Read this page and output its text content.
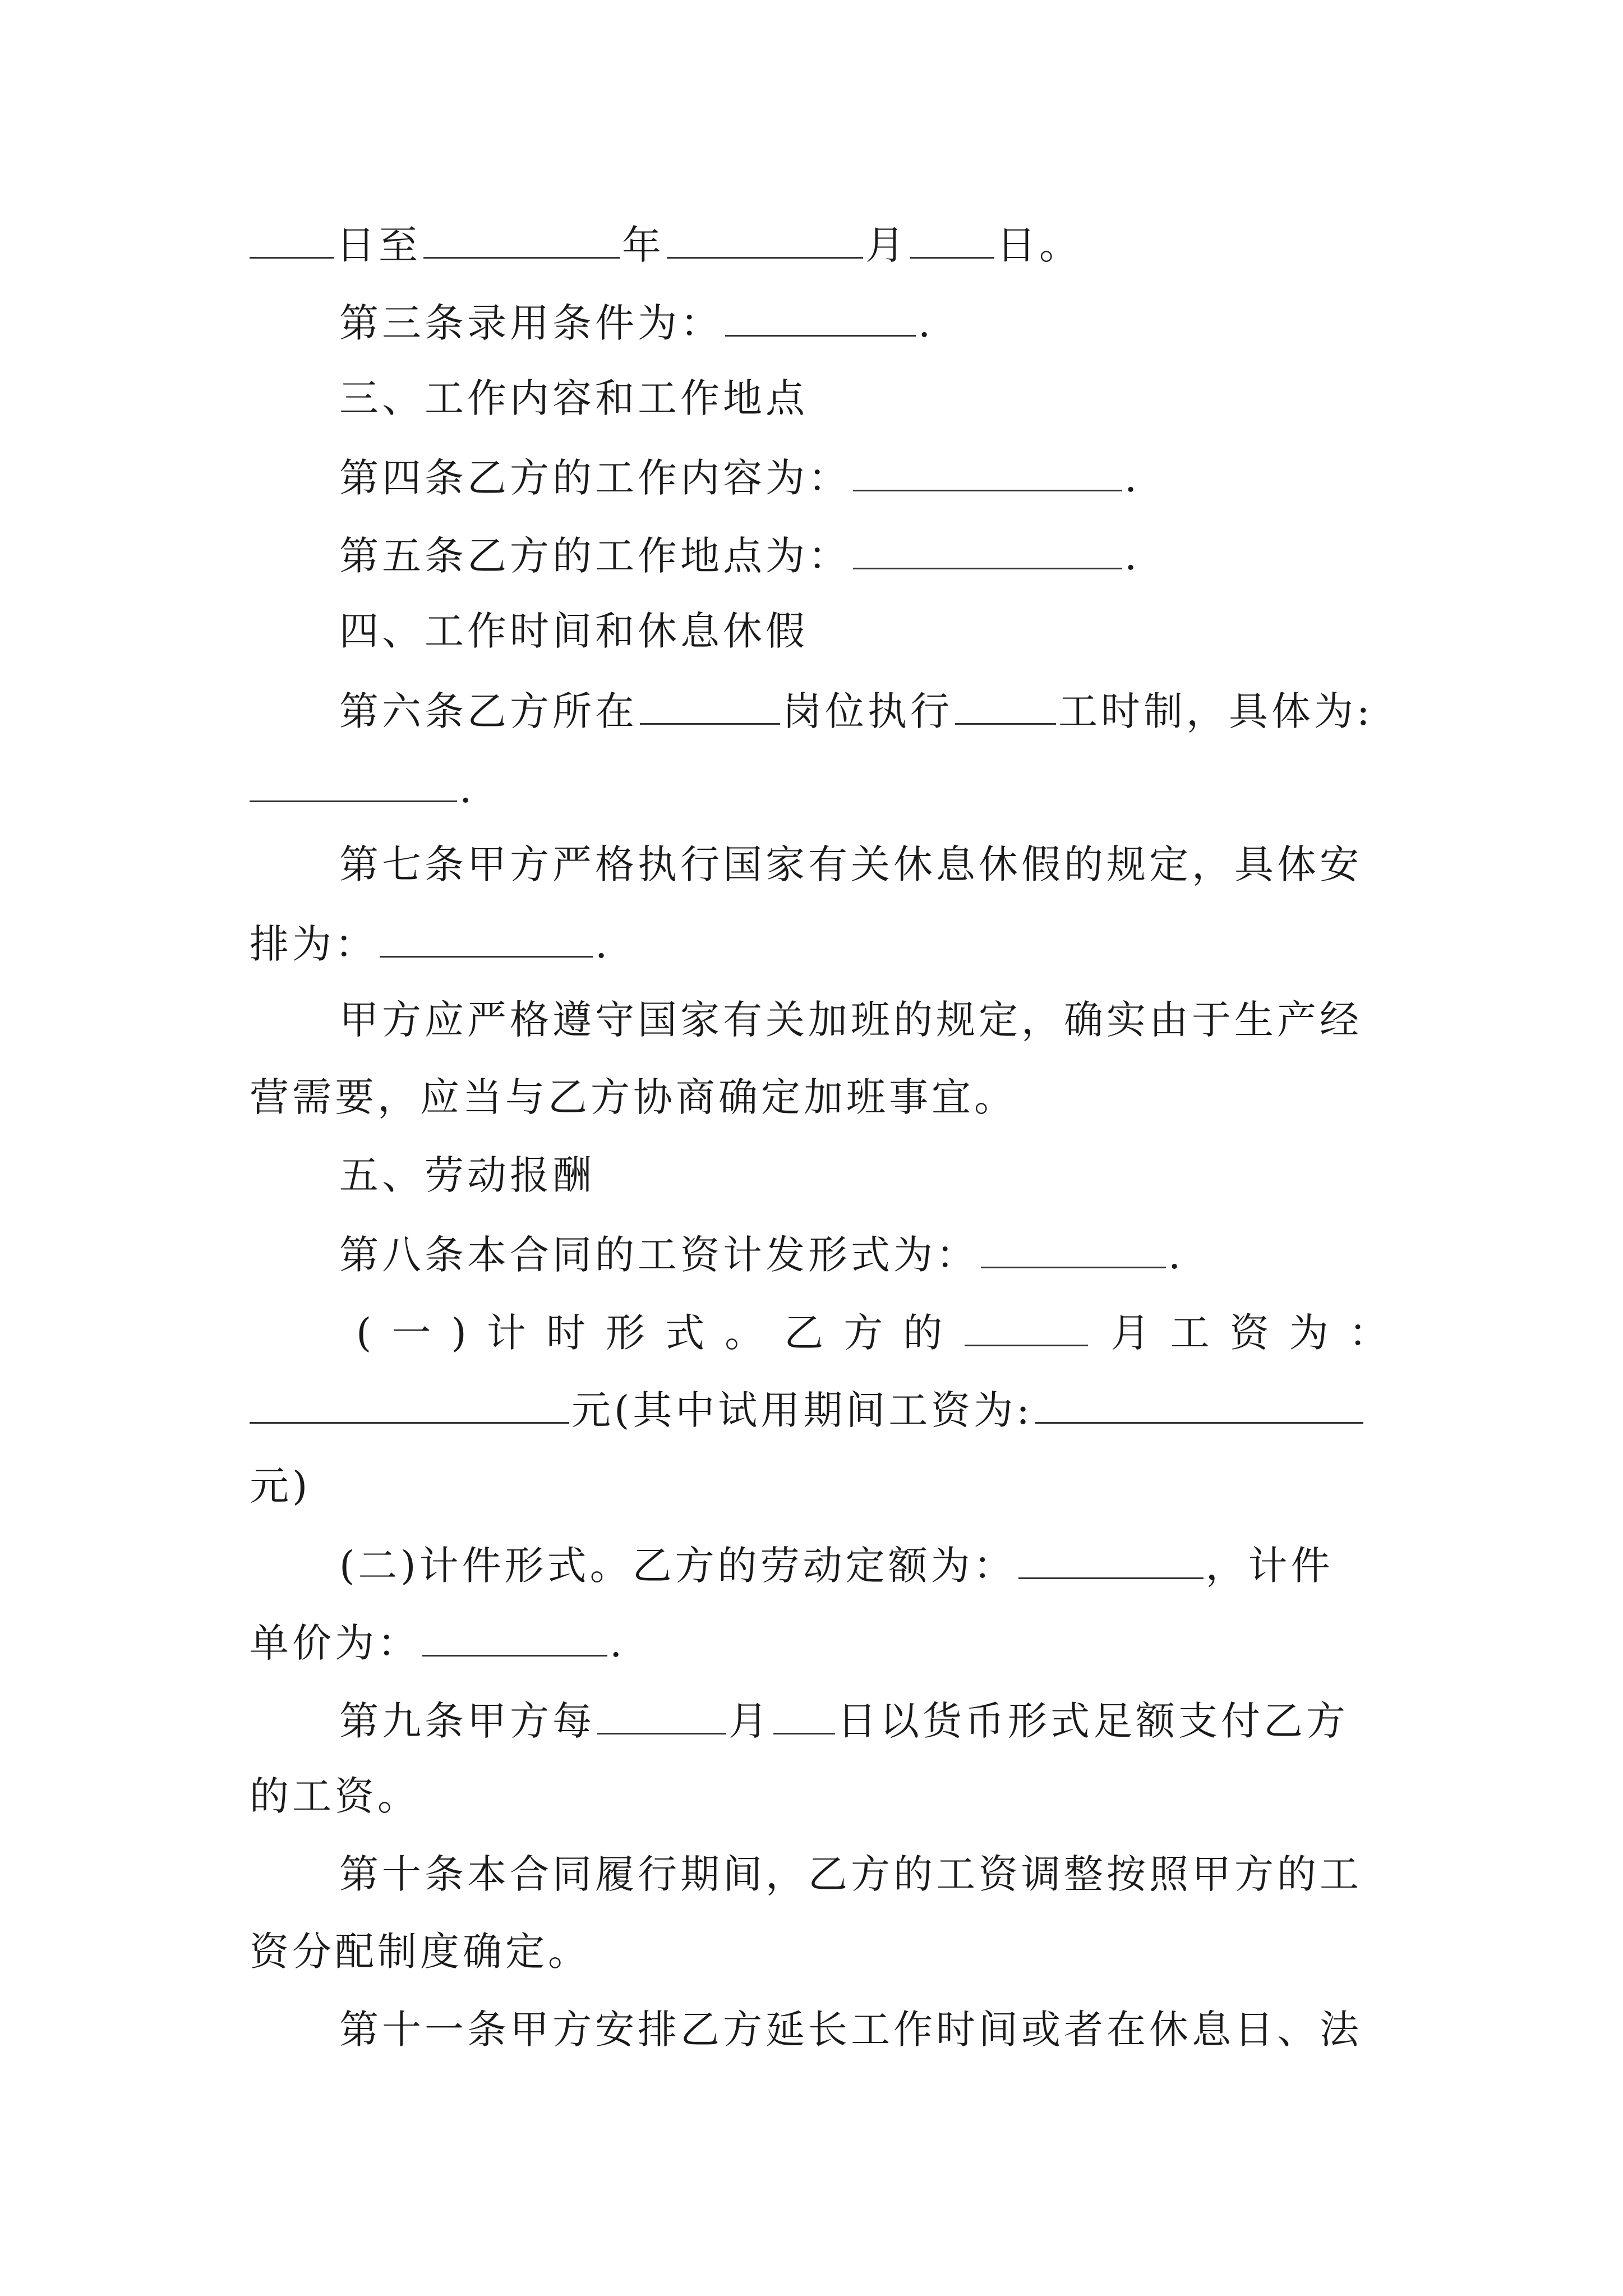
日至	年	月 日。
第三条录用条件为：	.
三、工作内容和工作地点
第四条乙方的工作内容为：	.
第五条乙方的工作地点为：	.
四、工作时间和休息休假
第六条乙方所在	岗位执行	工时制，具体为:
.
第七条甲方严格执行国家有关休息休假的规定，具体安
排为：	.
甲方应严格遵守国家有关加班的规定，确实由于生产经
营需要，应当与乙方协商确定加班事宜。
五、劳动报酬
第八条本合同的工资计发形式为：	.
( 一 ) 计 时 形 式 。 乙 方 的	月 工 资 为 ：
元(其中试用期间工资为:
元)
(二)计件形式。乙方的劳动定额为：	，计件
单价为：	.
第九条甲方每	月 日以货币形式足额支付乙方
的工资。
第十条本合同履行期间，乙方的工资调整按照甲方的工
资分配制度确定。
第十一条甲方安排乙方延长工作时间或者在休息日、法
